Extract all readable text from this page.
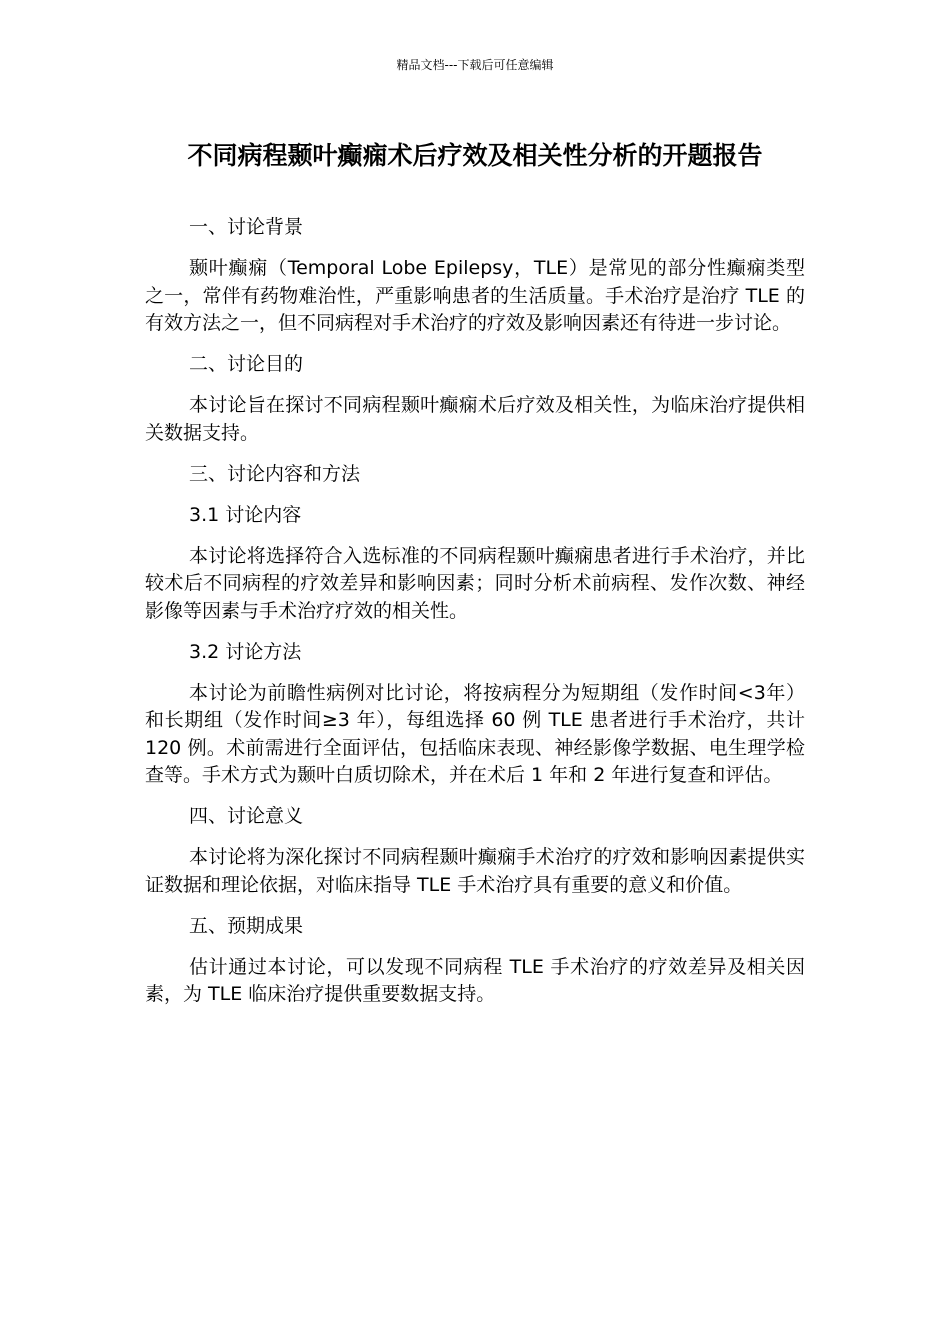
精品文档---下载后可任意编辑
不同病程颞叶癫痫术后疗效及相关性分析的开题报告

一、讨论背景

颞叶癫痫（Temporal Lobe Epilepsy，TLE）是常见的部分性癫痫类型之一，常伴有药物难治性，严重影响患者的生活质量。手术治疗是治疗 TLE 的有效方法之一，但不同病程对手术治疗的疗效及影响因素还有待进一步讨论。

二、讨论目的

本讨论旨在探讨不同病程颞叶癫痫术后疗效及相关性，为临床治疗提供相关数据支持。

三、讨论内容和方法

3.1 讨论内容

本讨论将选择符合入选标准的不同病程颞叶癫痫患者进行手术治疗，并比较术后不同病程的疗效差异和影响因素；同时分析术前病程、发作次数、神经影像等因素与手术治疗疗效的相关性。

3.2 讨论方法

本讨论为前瞻性病例对比讨论，将按病程分为短期组（发作时间<3年）和长期组（发作时间≥3 年），每组选择 60 例 TLE 患者进行手术治疗，共计 120 例。术前需进行全面评估，包括临床表现、神经影像学数据、电生理学检查等。手术方式为颞叶白质切除术，并在术后 1 年和 2 年进行复查和评估。

四、讨论意义

本讨论将为深化探讨不同病程颞叶癫痫手术治疗的疗效和影响因素提供实证数据和理论依据，对临床指导 TLE 手术治疗具有重要的意义和价值。

五、预期成果

估计通过本讨论，可以发现不同病程 TLE 手术治疗的疗效差异及相关因素，为 TLE 临床治疗提供重要数据支持。
